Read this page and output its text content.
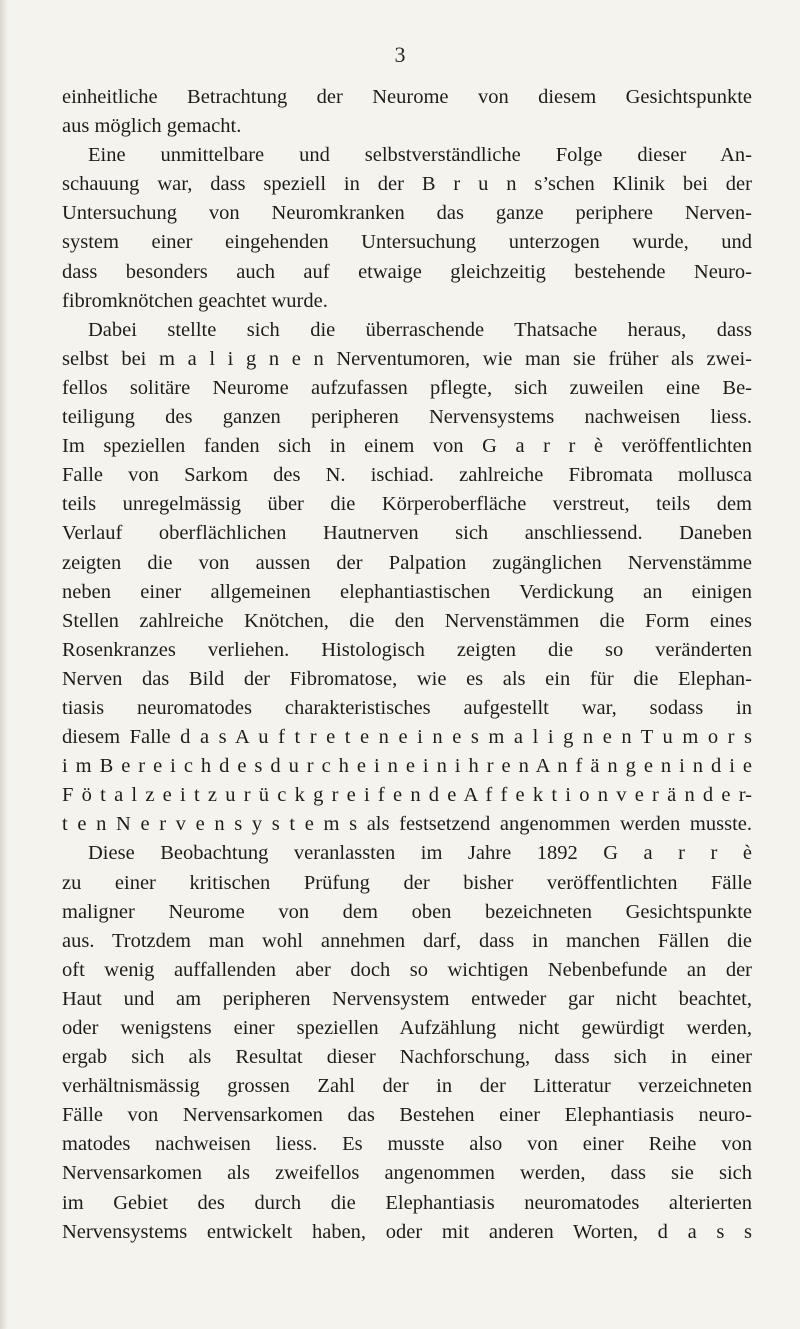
3
einheitliche Betrachtung der Neurome von diesem Gesichtspunkte
aus möglich gemacht.
Eine unmittelbare und selbstverständliche Folge dieser An-
schauung war, dass speziell in der B r u n s’schen Klinik bei der
Untersuchung von Neuromkranken das ganze periphere Nerven-
system einer eingehenden Untersuchung unterzogen wurde, und
dass besonders auch auf etwaige gleichzeitig bestehende Neuro-
fibromknötchen geachtet wurde.
Dabei stellte sich die überraschende Thatsache heraus, dass
selbst bei m a l i g n e n Nerventumoren, wie man sie früher als zwei-
fellos solitäre Neurome aufzufassen pflegte, sich zuweilen eine Be-
teiligung des ganzen peripheren Nervensystems nachweisen liess.
Im speziellen fanden sich in einem von G a r r è veröffentlichten
Falle von Sarkom des N. ischiad. zahlreiche Fibromata mollusca
teils unregelmässig über die Körperoberfläche verstreut, teils dem
Verlauf oberflächlichen Hautnerven sich anschliessend. Daneben
zeigten die von aussen der Palpation zugänglichen Nervenstämme
neben einer allgemeinen elephantiastischen Verdickung an einigen
Stellen zahlreiche Knötchen, die den Nervenstämmen die Form eines
Rosenkranzes verliehen. Histologisch zeigten die so veränderten
Nerven das Bild der Fibromatose, wie es als ein für die Elephan-
tiasis neuromatodes charakteristisches aufgestellt war, sodass in
diesem Falle d a s A u f t r e t e n e i n e s m a l i g n e n T u m o r s
i m B e r e i c h d e s d u r c h e i n e i n i h r e n A n f ä n g e n i n d i e
F ö t a l z e i t z u r ü c k g r e i f e n d e A f f e k t i o n v e r ä n d e r-
t e n N e r v e n s y s t e m s als festsetzend angenommen werden musste.
Diese Beobachtung veranlassten im Jahre 1892 G a r r è
zu einer kritischen Prüfung der bisher veröffentlichten Fälle
maligner Neurome von dem oben bezeichneten Gesichtspunkte
aus. Trotzdem man wohl annehmen darf, dass in manchen Fällen die
oft wenig auffallenden aber doch so wichtigen Nebenbefunde an der
Haut und am peripheren Nervensystem entweder gar nicht beachtet,
oder wenigstens einer speziellen Aufzählung nicht gewürdigt werden,
ergab sich als Resultat dieser Nachforschung, dass sich in einer
verhältnismässig grossen Zahl der in der Litteratur verzeichneten
Fälle von Nervensarkomen das Bestehen einer Elephantiasis neuro-
matodes nachweisen liess. Es musste also von einer Reihe von
Nervensarkomen als zweifellos angenommen werden, dass sie sich
im Gebiet des durch die Elephantiasis neuromatodes alterierten
Nervensystems entwickelt haben, oder mit anderen Worten, d a s s
